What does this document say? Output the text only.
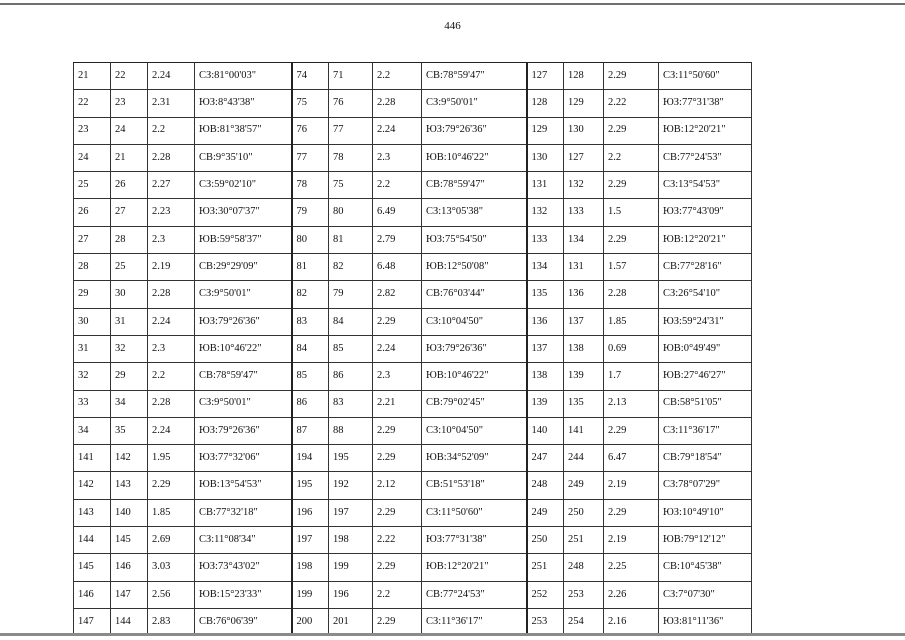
446
21	22	2.24	СЗ:81°00'03"	74	71	2.2	СВ:78°59'47"	127	128	2.29	СЗ:11°50'60"
22	23	2.31	ЮЗ:8°43'38"	75	76	2.28	СЗ:9°50'01"	128	129	2.22	ЮЗ:77°31'38"
23	24	2.2	ЮВ:81°38'57"	76	77	2.24	ЮЗ:79°26'36"	129	130	2.29	ЮВ:12°20'21"
24	21	2.28	СВ:9°35'10"	77	78	2.3	ЮВ:10°46'22"	130	127	2.2	СВ:77°24'53"
25	26	2.27	СЗ:59°02'10"	78	75	2.2	СВ:78°59'47"	131	132	2.29	СЗ:13°54'53"
26	27	2.23	ЮЗ:30°07'37"	79	80	6.49	СЗ:13°05'38"	132	133	1.5	ЮЗ:77°43'09"
27	28	2.3	ЮВ:59°58'37"	80	81	2.79	ЮЗ:75°54'50"	133	134	2.29	ЮВ:12°20'21"
28	25	2.19	СВ:29°29'09"	81	82	6.48	ЮВ:12°50'08"	134	131	1.57	СВ:77°28'16"
29	30	2.28	СЗ:9°50'01"	82	79	2.82	СВ:76°03'44"	135	136	2.28	СЗ:26°54'10"
30	31	2.24	ЮЗ:79°26'36"	83	84	2.29	СЗ:10°04'50"	136	137	1.85	ЮЗ:59°24'31"
31	32	2.3	ЮВ:10°46'22"	84	85	2.24	ЮЗ:79°26'36"	137	138	0.69	ЮВ:0°49'49"
32	29	2.2	СВ:78°59'47"	85	86	2.3	ЮВ:10°46'22"	138	139	1.7	ЮВ:27°46'27"
33	34	2.28	СЗ:9°50'01"	86	83	2.21	СВ:79°02'45"	139	135	2.13	СВ:58°51'05"
34	35	2.24	ЮЗ:79°26'36"	87	88	2.29	СЗ:10°04'50"	140	141	2.29	СЗ:11°36'17"
141	142	1.95	ЮЗ:77°32'06"	194	195	2.29	ЮВ:34°52'09"	247	244	6.47	СВ:79°18'54"
142	143	2.29	ЮВ:13°54'53"	195	192	2.12	СВ:51°53'18"	248	249	2.19	СЗ:78°07'29"
143	140	1.85	СВ:77°32'18"	196	197	2.29	СЗ:11°50'60"	249	250	2.29	ЮЗ:10°49'10"
144	145	2.69	СЗ:11°08'34"	197	198	2.22	ЮЗ:77°31'38"	250	251	2.19	ЮВ:79°12'12"
145	146	3.03	ЮЗ:73°43'02"	198	199	2.29	ЮВ:12°20'21"	251	248	2.25	СВ:10°45'38"
146	147	2.56	ЮВ:15°23'33"	199	196	2.2	СВ:77°24'53"	252	253	2.26	СЗ:7°07'30"
147	144	2.83	СВ:76°06'39"	200	201	2.29	СЗ:11°36'17"	253	254	2.16	ЮЗ:81°11'36"
